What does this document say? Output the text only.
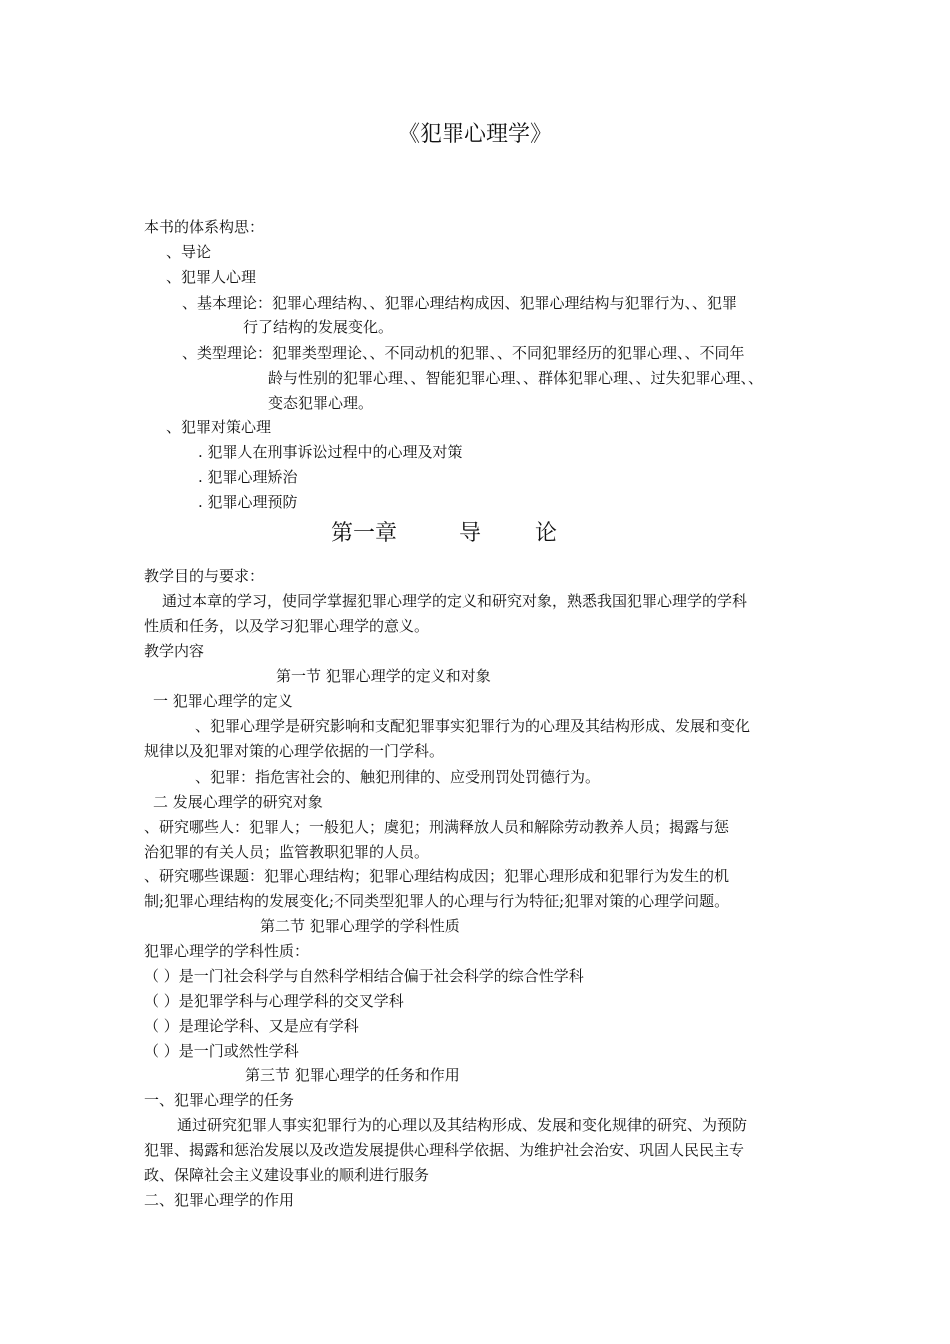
《犯罪心理学》
本书的体系构思：
、导论
、犯罪人心理
、基本理论：犯罪心理结构、、犯罪心理结构成因、犯罪心理结构与犯罪行为、、犯罪
行了结构的发展变化。
、类型理论：犯罪类型理论、、不同动机的犯罪、、不同犯罪经历的犯罪心理、、不同年
龄与性别的犯罪心理、、智能犯罪心理、、群体犯罪心理、、过失犯罪心理、、
变态犯罪心理。
、犯罪对策心理
. 犯罪人在刑事诉讼过程中的心理及对策
. 犯罪心理矫治
. 犯罪心理预防
第一章	导 论
教学目的与要求：
通过本章的学习，使同学掌握犯罪心理学的定义和研究对象，熟悉我国犯罪心理学的学科
性质和任务，以及学习犯罪心理学的意义。
教学内容
第一节 犯罪心理学的定义和对象
一 犯罪心理学的定义
、犯罪心理学是研究影响和支配犯罪事实犯罪行为的心理及其结构形成、发展和变化
规律以及犯罪对策的心理学依据的一门学科。
、犯罪：指危害社会的、触犯刑律的、应受刑罚处罚德行为。
二 发展心理学的研究对象
、研究哪些人：犯罪人；一般犯人；虞犯；刑满释放人员和解除劳动教养人员；揭露与惩
治犯罪的有关人员；监管教职犯罪的人员。
、研究哪些课题：犯罪心理结构；犯罪心理结构成因；犯罪心理形成和犯罪行为发生的机
制;犯罪心理结构的发展变化;不同类型犯罪人的心理与行为特征;犯罪对策的心理学问题。
第二节 犯罪心理学的学科性质
犯罪心理学的学科性质：
（ ）是一门社会科学与自然科学相结合偏于社会科学的综合性学科
（ ）是犯罪学科与心理学科的交叉学科
（ ）是理论学科、又是应有学科
（ ）是一门或然性学科
第三节 犯罪心理学的任务和作用
一、犯罪心理学的任务
通过研究犯罪人事实犯罪行为的心理以及其结构形成、发展和变化规律的研究、为预防
犯罪、揭露和惩治发展以及改造发展提供心理科学依据、为维护社会治安、巩固人民民主专
政、保障社会主义建设事业的顺利进行服务
二、犯罪心理学的作用
